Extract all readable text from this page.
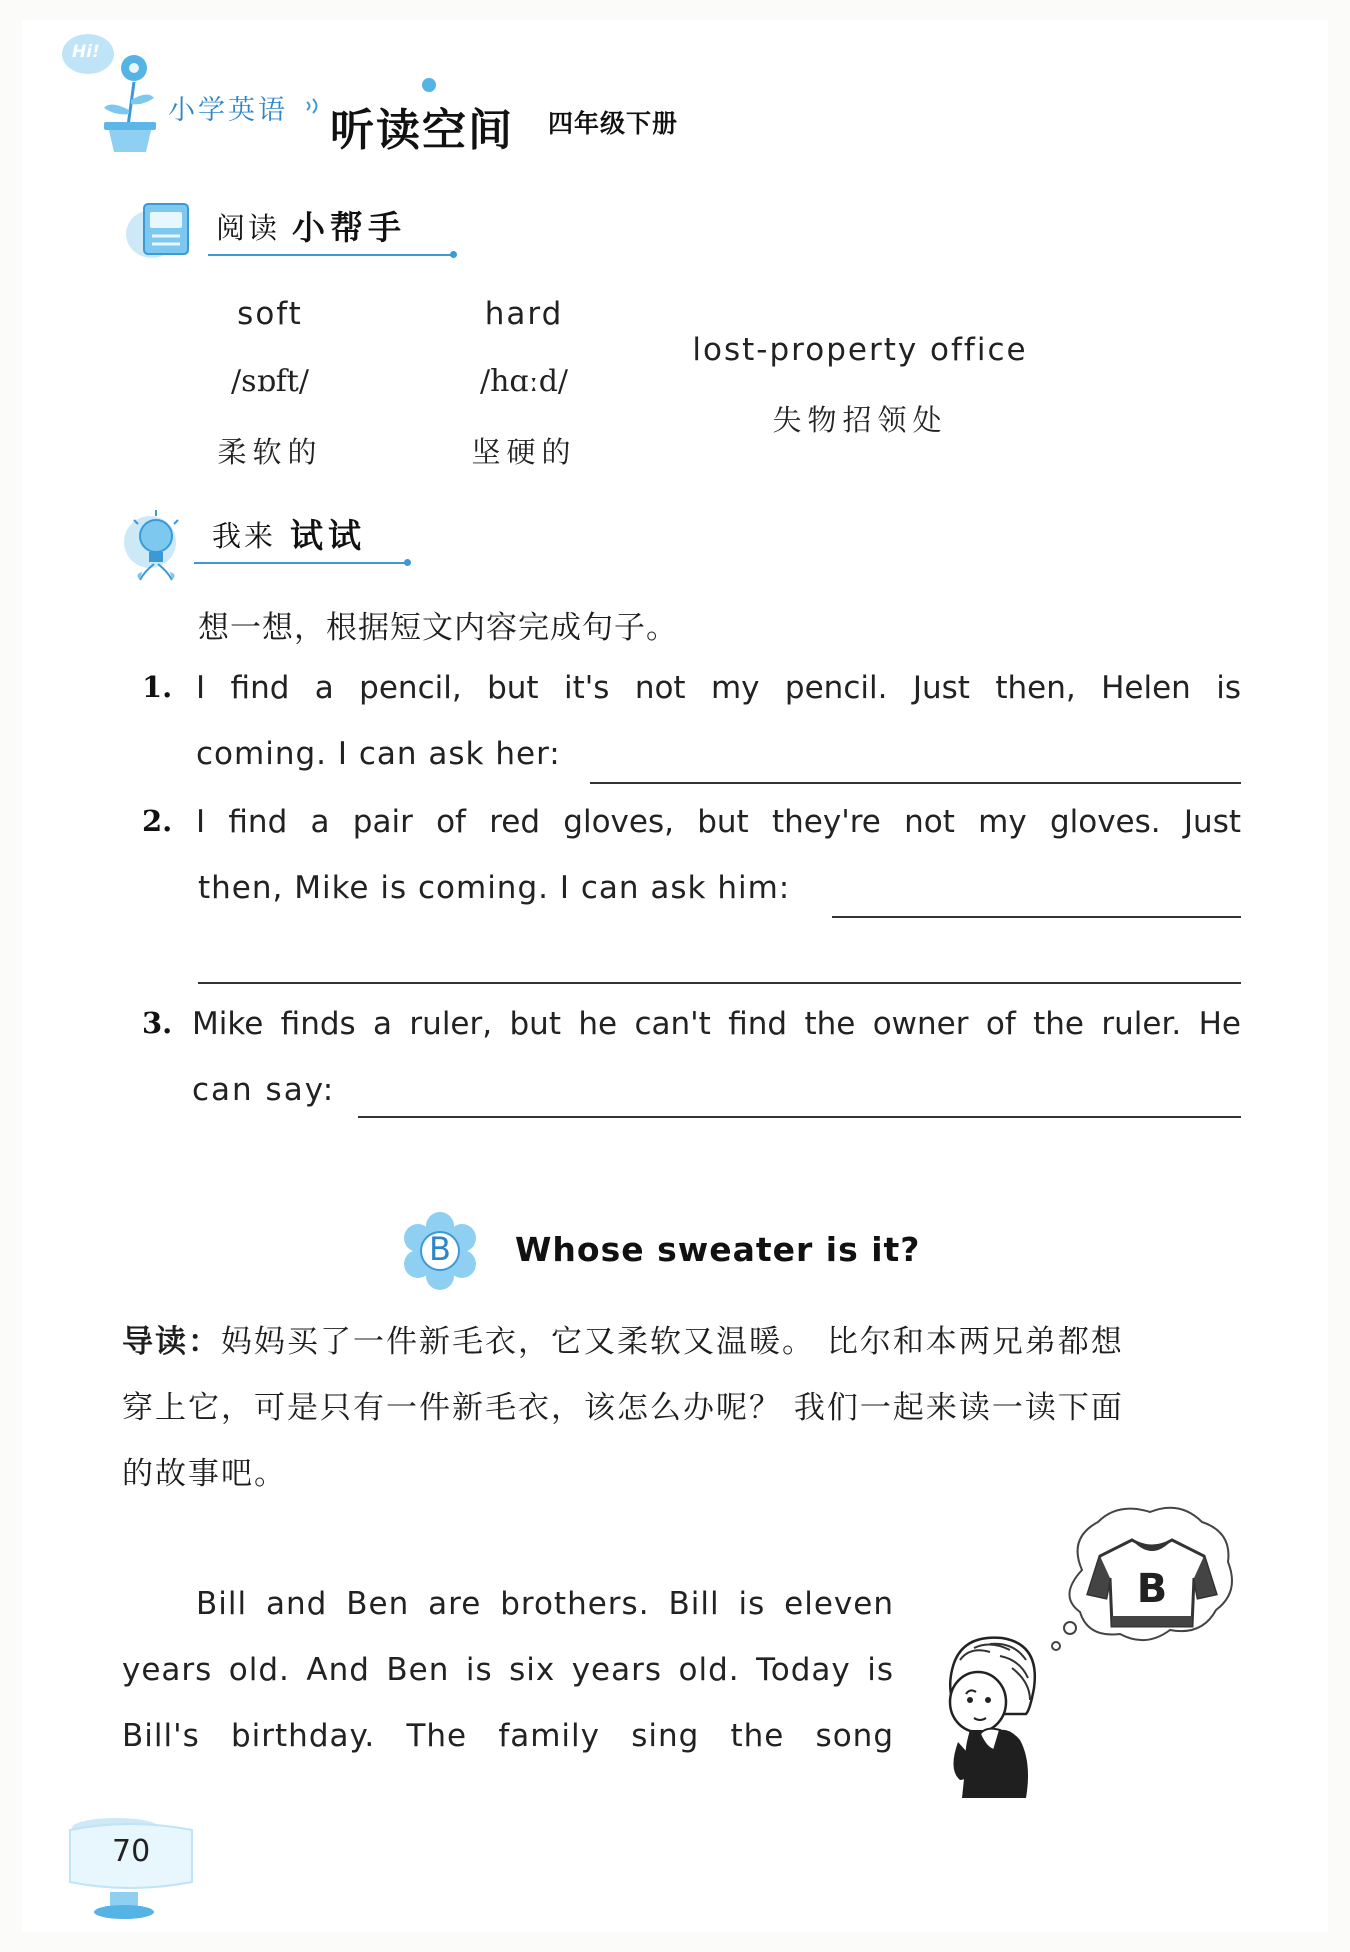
Hi!
小学英语 听读空间 四年级下册
阅读 小帮手
soft
/sɒft/
柔软的
hard
/hɑːd/
坚硬的
lost-property office
失物招领处
我来 试试
想一想，根据短文内容完成句子。
1. I find a pencil, but it's not my pencil. Just then, Helen is
coming. I can ask her:
2. I find a pair of red gloves, but they're not my gloves. Just
then, Mike is coming. I can ask him:
3. Mike finds a ruler, but he can't find the owner of the ruler. He
can say:
B	Whose sweater is it?
导读：妈妈买了一件新毛衣，它又柔软又温暖。 比尔和本两兄弟都想
穿上它，可是只有一件新毛衣，该怎么办呢？ 我们一起来读一读下面
的故事吧。
Bill and Ben are brothers. Bill is eleven
years old. And Ben is six years old. Today is
Bill's birthday. The family sing the song
B
70
